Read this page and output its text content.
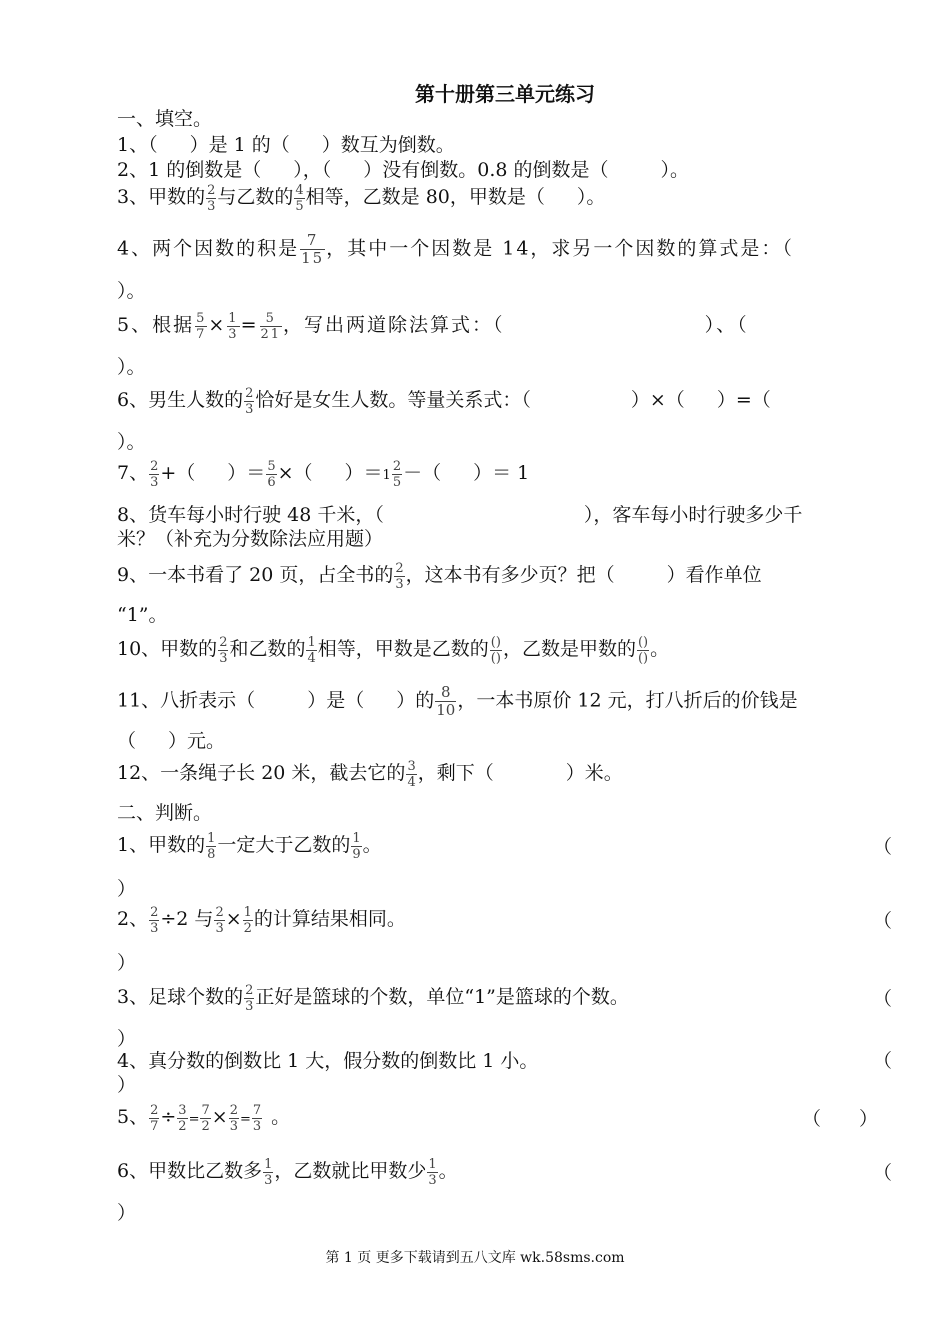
第十册第三单元练习
一、填空。
1、（ ）是 1 的（ ）数互为倒数。
2、1 的倒数是（ ），（ ）没有倒数。0.8 的倒数是（	）。
3、甲数的 $\frac{2}{3}$ 与乙数的 $\frac{4}{5}$ 相等，乙数是 80，甲数是（ ）。
4、两个因数的积是 $\frac{7}{15}$ ，其中一个因数是 14，求另一个因数的算式是：（
）。
5、根据 $\frac{5}{7} \times \frac{1}{3} = \frac{5}{21}$ ，写出两道除法算式：（	）、（
）。
6、男生人数的 $\frac{2}{3}$ 恰好是女生人数。等量关系式：（	）×（ ）=（
）。
7、 $\frac{2}{3}$ +（ ）＝ $\frac{5}{6}$ ×（ ）$=1 \frac{2}{5}$ －（ ）＝ 1
8、货车每小时行驶 48 千米，（	），客车每小时行驶多少千
米？（补充为分数除法应用题）
9、一本书看了 20 页，占全书的 $\frac{2}{3}$ ，这本书有多少页？把（	）看作单位
“1”。
10、甲数的 $\frac{2}{3}$ 和乙数的 $\frac{1}{4}$ 相等，甲数是乙数的 $\frac{()}{()}$ ，乙数是甲数的 $\frac{()}{()}$ 。
11、八折表示（	）是（ ）的 $\frac{8}{10}$ ，一本书原价 12 元，打八折后的价钱是
（ ）元。
12、一条绳子长 20 米，截去它的 $\frac{3}{4}$ ，剩下（	）米。
二、判断。
1、甲数的 $\frac{1}{8}$ 一定大于乙数的 $\frac{1}{9}$ 。	（
）
2、 $\frac{2}{3} \div 2$ 与 $\frac{2}{3} \times \frac{1}{2}$ 的计算结果相同。	（
）
3、足球个数的 $\frac{2}{3}$ 正好是篮球的个数，单位“1”是篮球的个数。	（
）
4、真分数的倒数比 1 大，假分数的倒数比 1 小。	（
）
5、 $\frac{2}{7} \div \frac{3}{2} = \frac{7}{2} \times \frac{2}{3} = \frac{7}{3}$ 。	（　　）
6、甲数比乙数多 $\frac{1}{3}$ ，乙数就比甲数少 $\frac{1}{3}$ 。	（
）
第 1 页 更多下载请到五八文库 wk.58sms.com
